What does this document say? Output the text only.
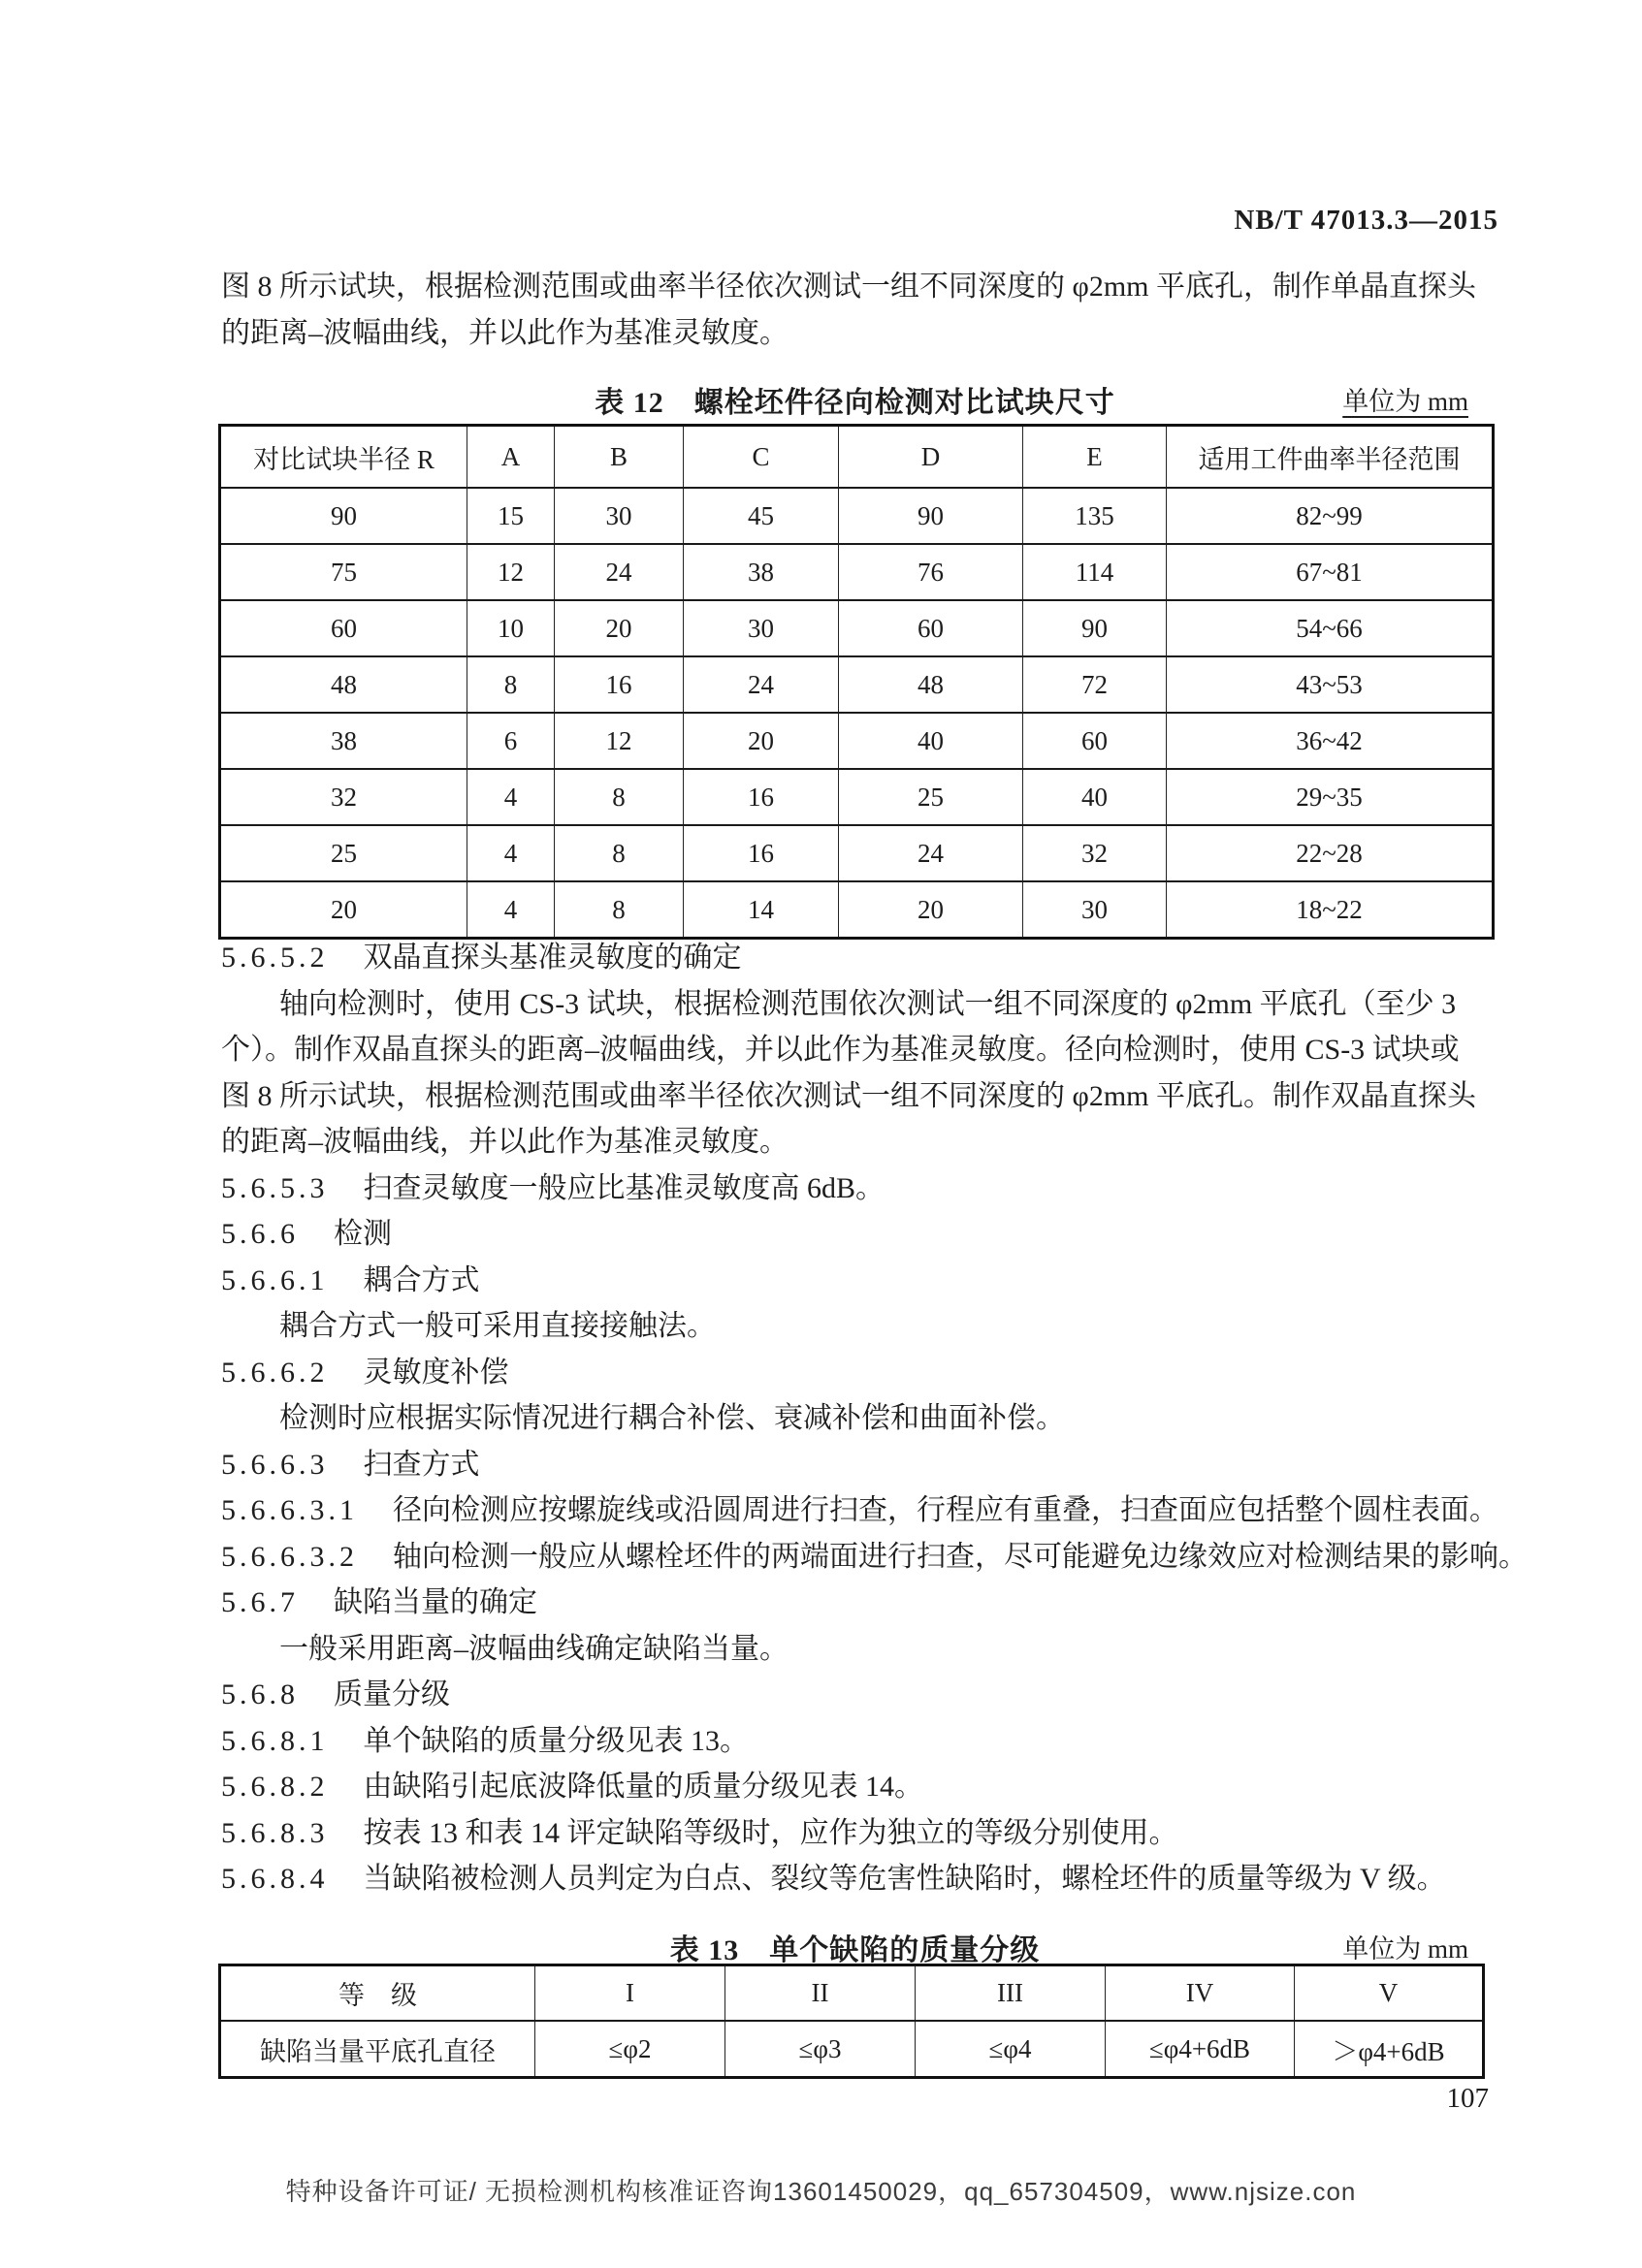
NB/T 47013.3—2015
图 8 所示试块，根据检测范围或曲率半径依次测试一组不同深度的 φ2mm 平底孔，制作单晶直探头
的距离–波幅曲线，并以此作为基准灵敏度。
表 12　螺栓坯件径向检测对比试块尺寸	单位为 mm
对比试块半径 R	A	B	C	D	E	适用工件曲率半径范围
90	15	30	45	90	135	82~99
75	12	24	38	76	114	67~81
60	10	20	30	60	90	54~66
48	8	16	24	48	72	43~53
38	6	12	20	40	60	36~42
32	4	8	16	25	40	29~35
25	4	8	16	24	32	22~28
20	4	8	14	20	30	18~22
5.6.5.2 双晶直探头基准灵敏度的确定
轴向检测时，使用 CS-3 试块，根据检测范围依次测试一组不同深度的 φ2mm 平底孔（至少 3
个）。制作双晶直探头的距离–波幅曲线，并以此作为基准灵敏度。径向检测时，使用 CS-3 试块或
图 8 所示试块，根据检测范围或曲率半径依次测试一组不同深度的 φ2mm 平底孔。制作双晶直探头
的距离–波幅曲线，并以此作为基准灵敏度。
5.6.5.3 扫查灵敏度一般应比基准灵敏度高 6dB。
5.6.6 检测
5.6.6.1 耦合方式
耦合方式一般可采用直接接触法。
5.6.6.2 灵敏度补偿
检测时应根据实际情况进行耦合补偿、衰减补偿和曲面补偿。
5.6.6.3 扫查方式
5.6.6.3.1 径向检测应按螺旋线或沿圆周进行扫查，行程应有重叠，扫查面应包括整个圆柱表面。
5.6.6.3.2 轴向检测一般应从螺栓坯件的两端面进行扫查，尽可能避免边缘效应对检测结果的影响。
5.6.7 缺陷当量的确定
一般采用距离–波幅曲线确定缺陷当量。
5.6.8 质量分级
5.6.8.1 单个缺陷的质量分级见表 13。
5.6.8.2 由缺陷引起底波降低量的质量分级见表 14。
5.6.8.3 按表 13 和表 14 评定缺陷等级时，应作为独立的等级分别使用。
5.6.8.4 当缺陷被检测人员判定为白点、裂纹等危害性缺陷时，螺栓坯件的质量等级为 V 级。
表 13　单个缺陷的质量分级	单位为 mm
等　级	I	II	III	IV	V
缺陷当量平底孔直径	≤φ2	≤φ3	≤φ4	≤φ4+6dB	＞φ4+6dB
107
特种设备许可证/ 无损检测机构核准证咨询13601450029，qq_657304509，www.njsize.con
